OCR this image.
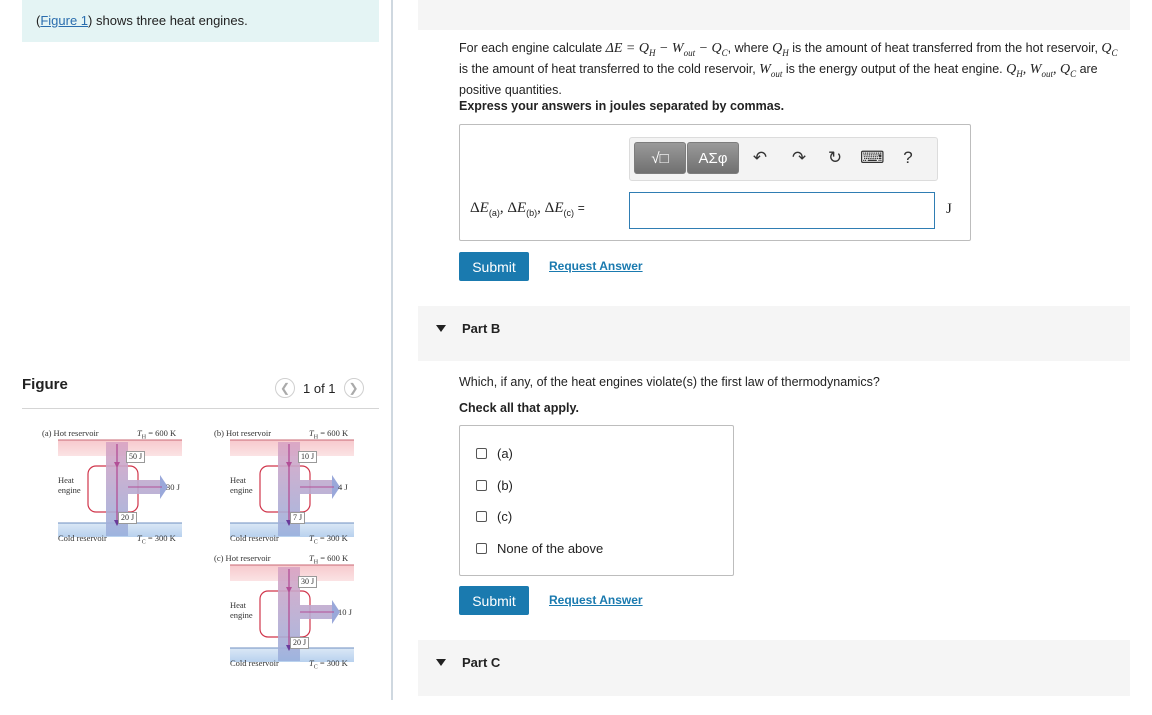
(Figure 1) shows three heat engines.
Figure	❮ 1 of 1	❯
(a) Hot reservoir	$T_H = 600$ K
50 J
Heat
engine	30 J
20 J
Cold reservoir	$T_C = 300$ K
(b) Hot reservoir	$T_H = 600$ K
10 J
Heat
engine	4 J
7 J
Cold reservoir	$T_C = 300$ K
(c) Hot reservoir	$T_H = 600$ K
30 J
Heat
engine	10 J
20 J
Cold reservoir	$T_C = 300$ K
For each engine calculate $\Delta E = Q_H - W_{out} - Q_C$, where $Q_H$ is the amount of heat transferred from the hot reservoir, $Q_C$ is the amount of heat transferred to the cold reservoir, $W_{out}$ is the energy output of the heat engine. $Q_H$, $W_{out}$, $Q_C$ are positive quantities.
Express your answers in joules separated by commas.
√□	ΑΣφ	↶ ↷ ↻ ⌨	?
$\Delta E_{(a)}$, $\Delta E_{(b)}$, $\Delta E_{(c)}$ =	J
Submit	Request Answer
Part B
Which, if any, of the heat engines violate(s) the first law of thermodynamics?
Check all that apply.
(a)
(b)
(c)
None of the above
Submit	Request Answer
Part C
